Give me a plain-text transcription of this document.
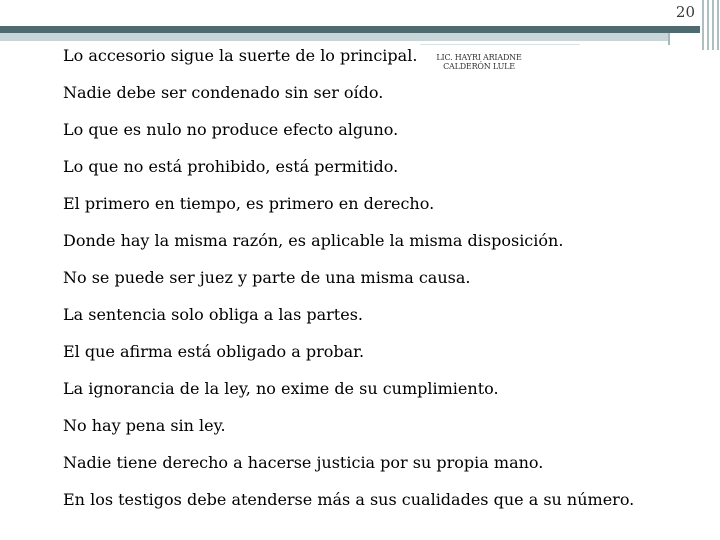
20
LIC. HAYRI ARIADNE
CALDERÓN LULE
Lo accesorio sigue la suerte de lo principal.
Nadie debe ser condenado sin ser oído.
Lo que es nulo no produce efecto alguno.
Lo que no está prohibido, está permitido.
El primero en tiempo, es primero en derecho.
Donde hay la misma razón, es aplicable la misma disposición.
No se puede ser juez y parte de una misma causa.
La sentencia solo obliga a las partes.
El que afirma está obligado a probar.
La ignorancia de la ley, no exime de su cumplimiento.
No hay pena sin ley.
Nadie tiene derecho a hacerse justicia por su propia mano.
En los testigos debe atenderse más a sus cualidades que a su número.
